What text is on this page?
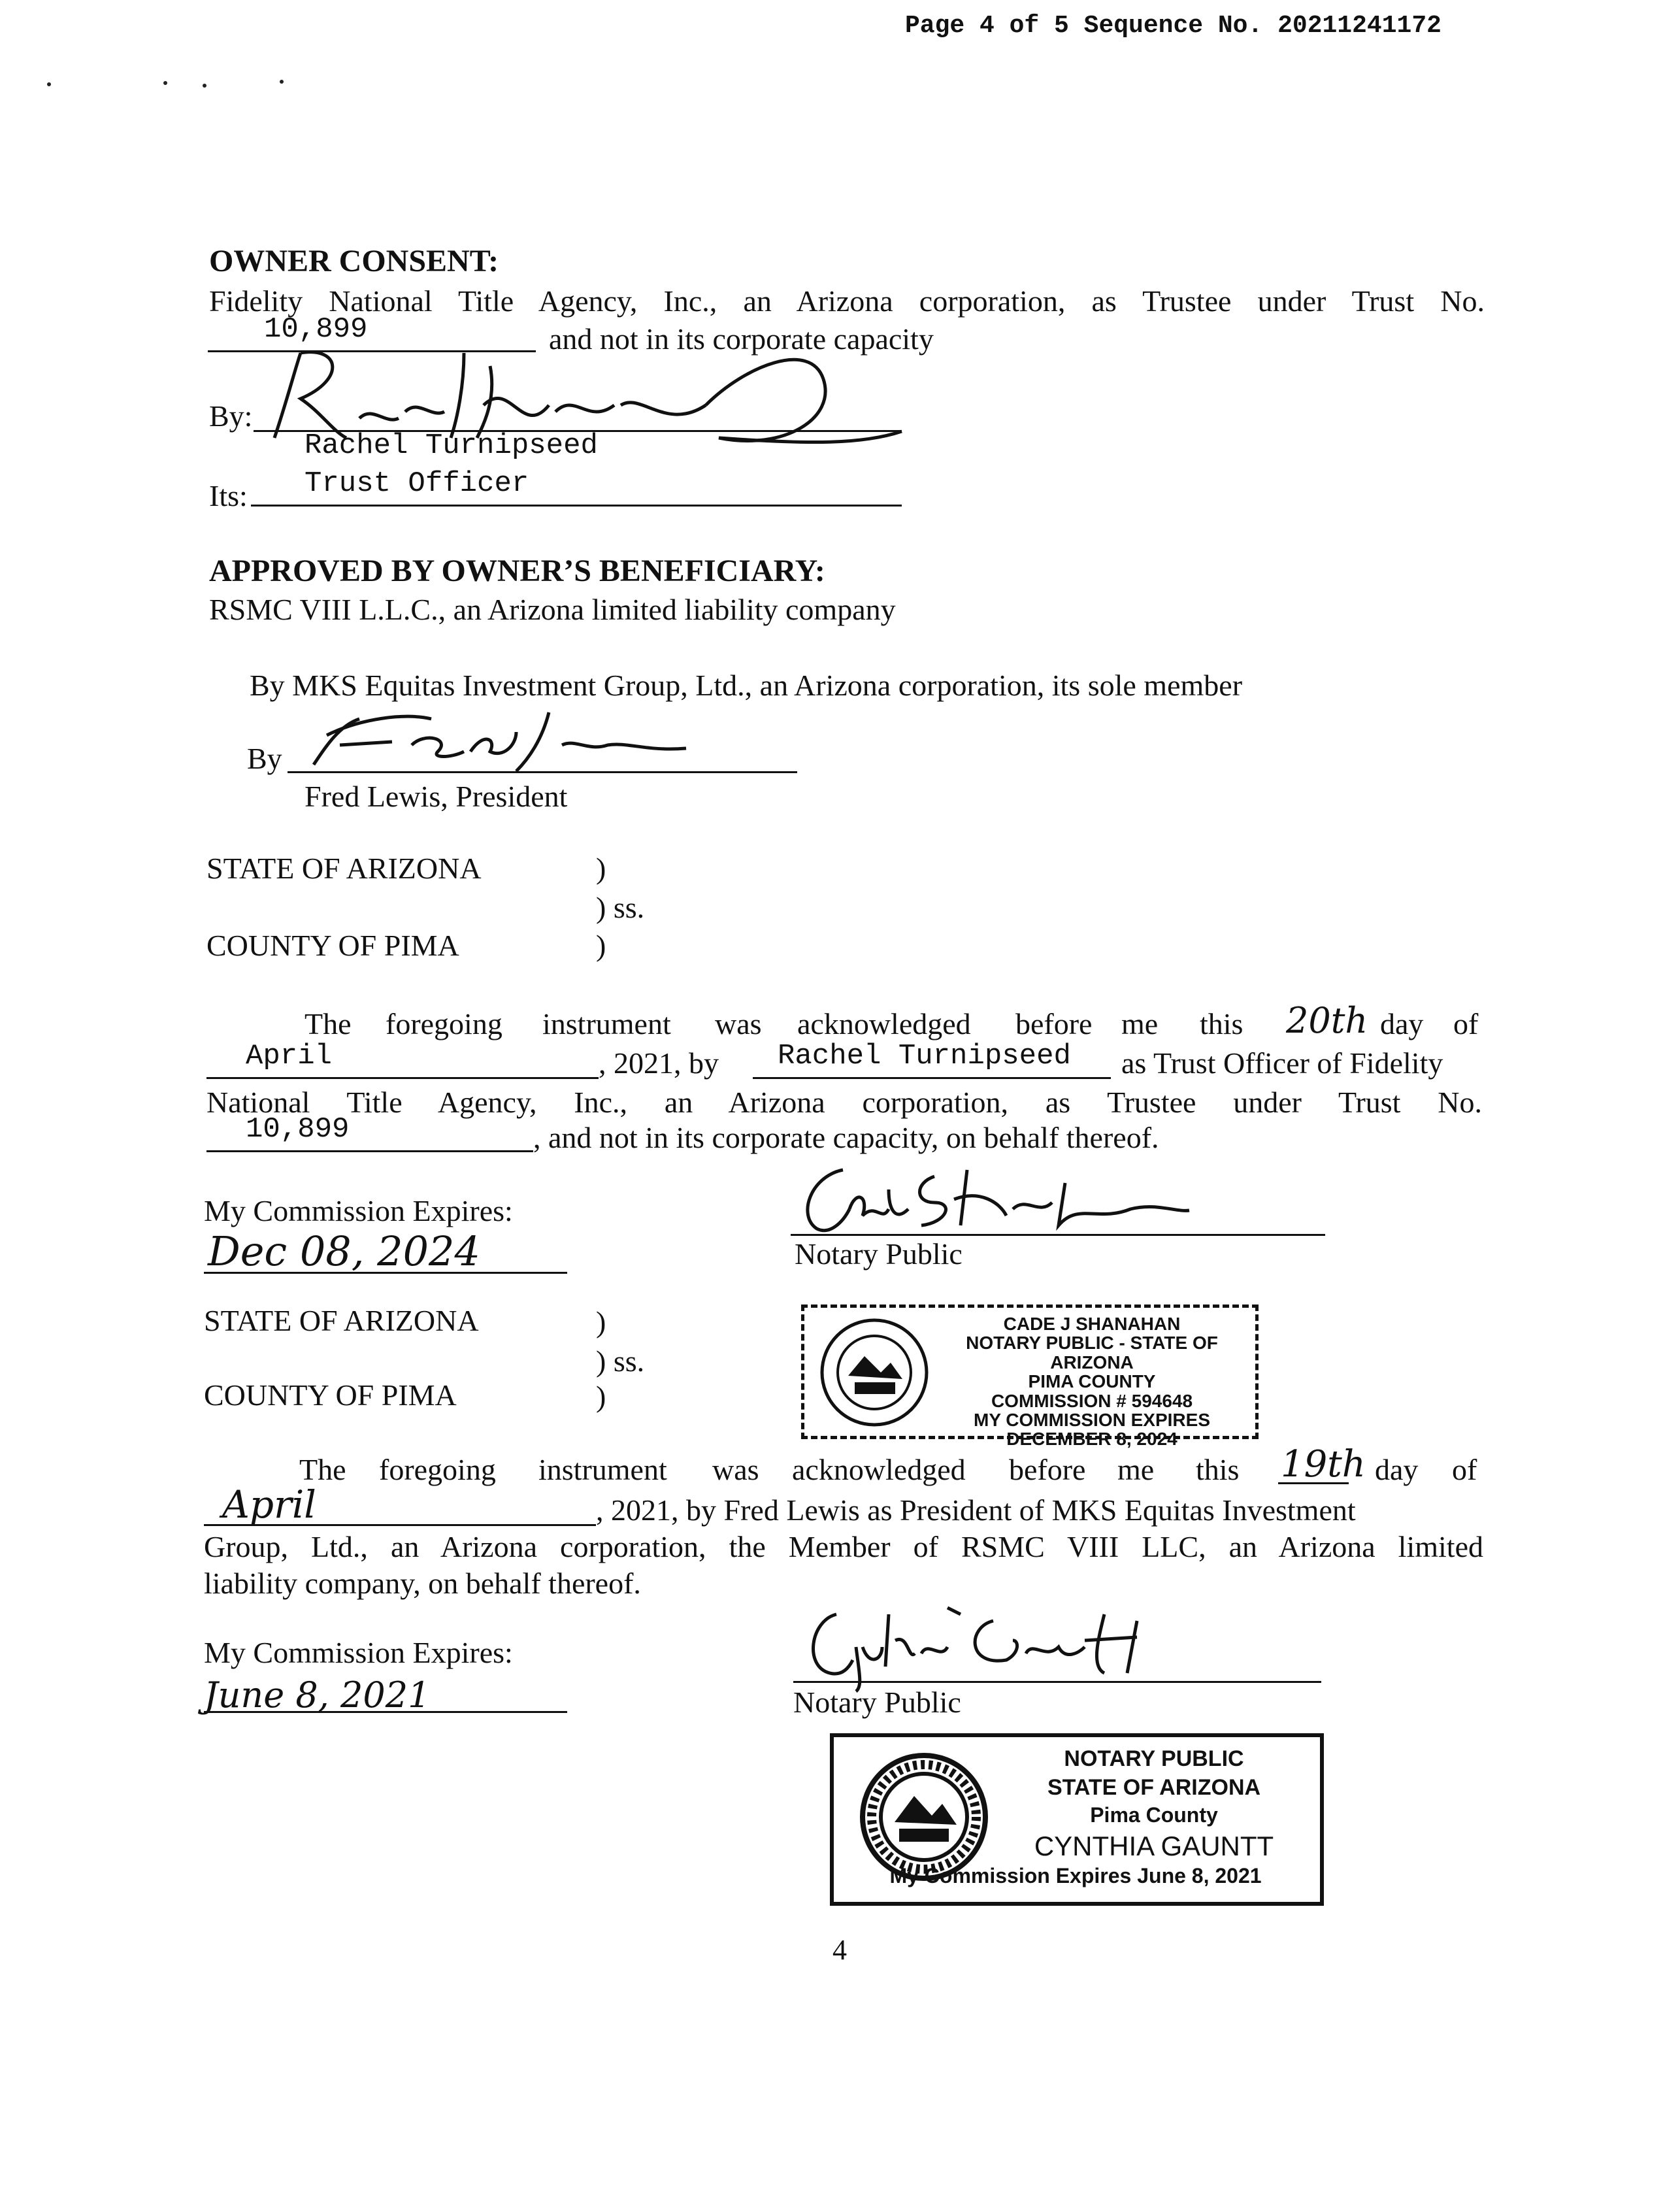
Page 4 of 5 Sequence No. 20211241172
OWNER CONSENT:
Fidelity National Title Agency, Inc., an Arizona corporation, as Trustee under Trust No.
10,899	and not in its corporate capacity
By:
Rachel Turnipseed
Its: Trust Officer
APPROVED BY OWNER’S BENEFICIARY:
RSMC VIII L.L.C., an Arizona limited liability company
By MKS Equitas Investment Group, Ltd., an Arizona corporation, its sole member
By
Fred Lewis, President
STATE OF ARIZONA	)
) ss.
COUNTY OF PIMA	)
The foregoing instrument was acknowledged before me this 20th day of
April	, 2021, by Rachel Turnipseed as Trust Officer of Fidelity
National Title Agency, Inc., an Arizona corporation, as Trustee under Trust No.
10,899	, and not in its corporate capacity, on behalf thereof.
My Commission Expires:
Dec 08, 2024	Notary Public
STATE OF ARIZONA	)
) ss.
COUNTY OF PIMA	)
CADE J SHANAHAN
NOTARY PUBLIC - STATE OF ARIZONA
PIMA COUNTY
COMMISSION # 594648
MY COMMISSION EXPIRES
DECEMBER 8, 2024
The foregoing instrument was acknowledged before me this 19th day of
April	, 2021, by Fred Lewis as President of MKS Equitas Investment
Group, Ltd., an Arizona corporation, the Member of RSMC VIII LLC, an Arizona limited
liability company, on behalf thereof.
My Commission Expires:
June 8, 2021	Notary Public
NOTARY PUBLIC
STATE OF ARIZONA
Pima County
CYNTHIA GAUNTT
My Commission Expires June 8, 2021
4
